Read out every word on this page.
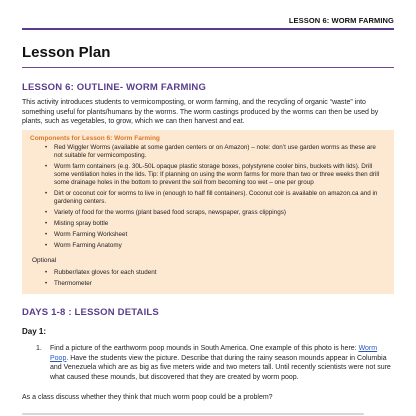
LESSON 6: WORM FARMING
Lesson Plan
LESSON 6: OUTLINE- WORM FARMING

This activity introduces students to vermicomposting, or worm farming, and the recycling of organic “waste” into something useful for plants/humans by the worms. The worm castings produced by the worms can then be used by plants, such as vegetables, to grow, which we can then harvest and eat.

Components for Lesson 6: Worm Farming
• Red Wiggler Worms (available at some garden centers or on Amazon) – note: don’t use garden worms as these are not suitable for vermicomposting.
• Worm farm containers (e.g. 30L-50L opaque plastic storage boxes, polystyrene cooler bins, buckets with lids). Drill some ventilation holes in the lids. Tip: If planning on using the worm farms for more than two or three weeks then drill some drainage holes in the bottom to prevent the soil from becoming too wet – one per group
• Dirt or coconut coir for worms to live in (enough to half fill containers). Coconut coir is available on amazon.ca and in gardening centers.
• Variety of food for the worms (plant based food scraps, newspaper, grass clippings)
• Misting spray bottle
• Worm Farming Worksheet
• Worm Farming Anatomy
Optional
• Rubber/latex gloves for each student
• Thermometer
DAYS 1-8 : LESSON DETAILS
Day 1:
1.	Find a picture of the earthworm poop mounds in South America. One example of this photo is here: Worm Poop. Have the students view the picture. Describe that during the rainy season mounds appear in Columbia and Venezuela which are as big as five meters wide and two meters tall. Until recently scientists were not sure what caused these mounds, but discovered that they are created by worm poop.

As a class discuss whether they think that much worm poop could be a problem?
